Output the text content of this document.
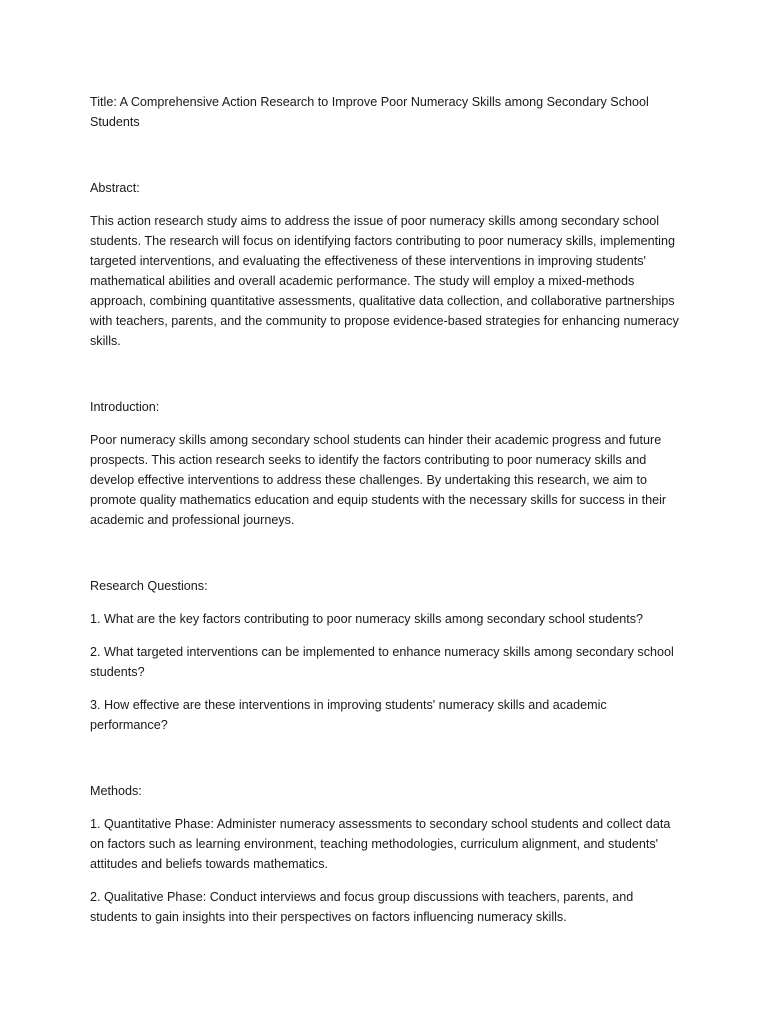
Title: A Comprehensive Action Research to Improve Poor Numeracy Skills among Secondary School Students

Abstract:

This action research study aims to address the issue of poor numeracy skills among secondary school students. The research will focus on identifying factors contributing to poor numeracy skills, implementing targeted interventions, and evaluating the effectiveness of these interventions in improving students' mathematical abilities and overall academic performance. The study will employ a mixed-methods approach, combining quantitative assessments, qualitative data collection, and collaborative partnerships with teachers, parents, and the community to propose evidence-based strategies for enhancing numeracy skills.

Introduction:

Poor numeracy skills among secondary school students can hinder their academic progress and future prospects. This action research seeks to identify the factors contributing to poor numeracy skills and develop effective interventions to address these challenges. By undertaking this research, we aim to promote quality mathematics education and equip students with the necessary skills for success in their academic and professional journeys.

Research Questions:

1. What are the key factors contributing to poor numeracy skills among secondary school students?

2. What targeted interventions can be implemented to enhance numeracy skills among secondary school students?

3. How effective are these interventions in improving students' numeracy skills and academic performance?

Methods:

1. Quantitative Phase: Administer numeracy assessments to secondary school students and collect data on factors such as learning environment, teaching methodologies, curriculum alignment, and students' attitudes and beliefs towards mathematics.

2. Qualitative Phase: Conduct interviews and focus group discussions with teachers, parents, and students to gain insights into their perspectives on factors influencing numeracy skills.
